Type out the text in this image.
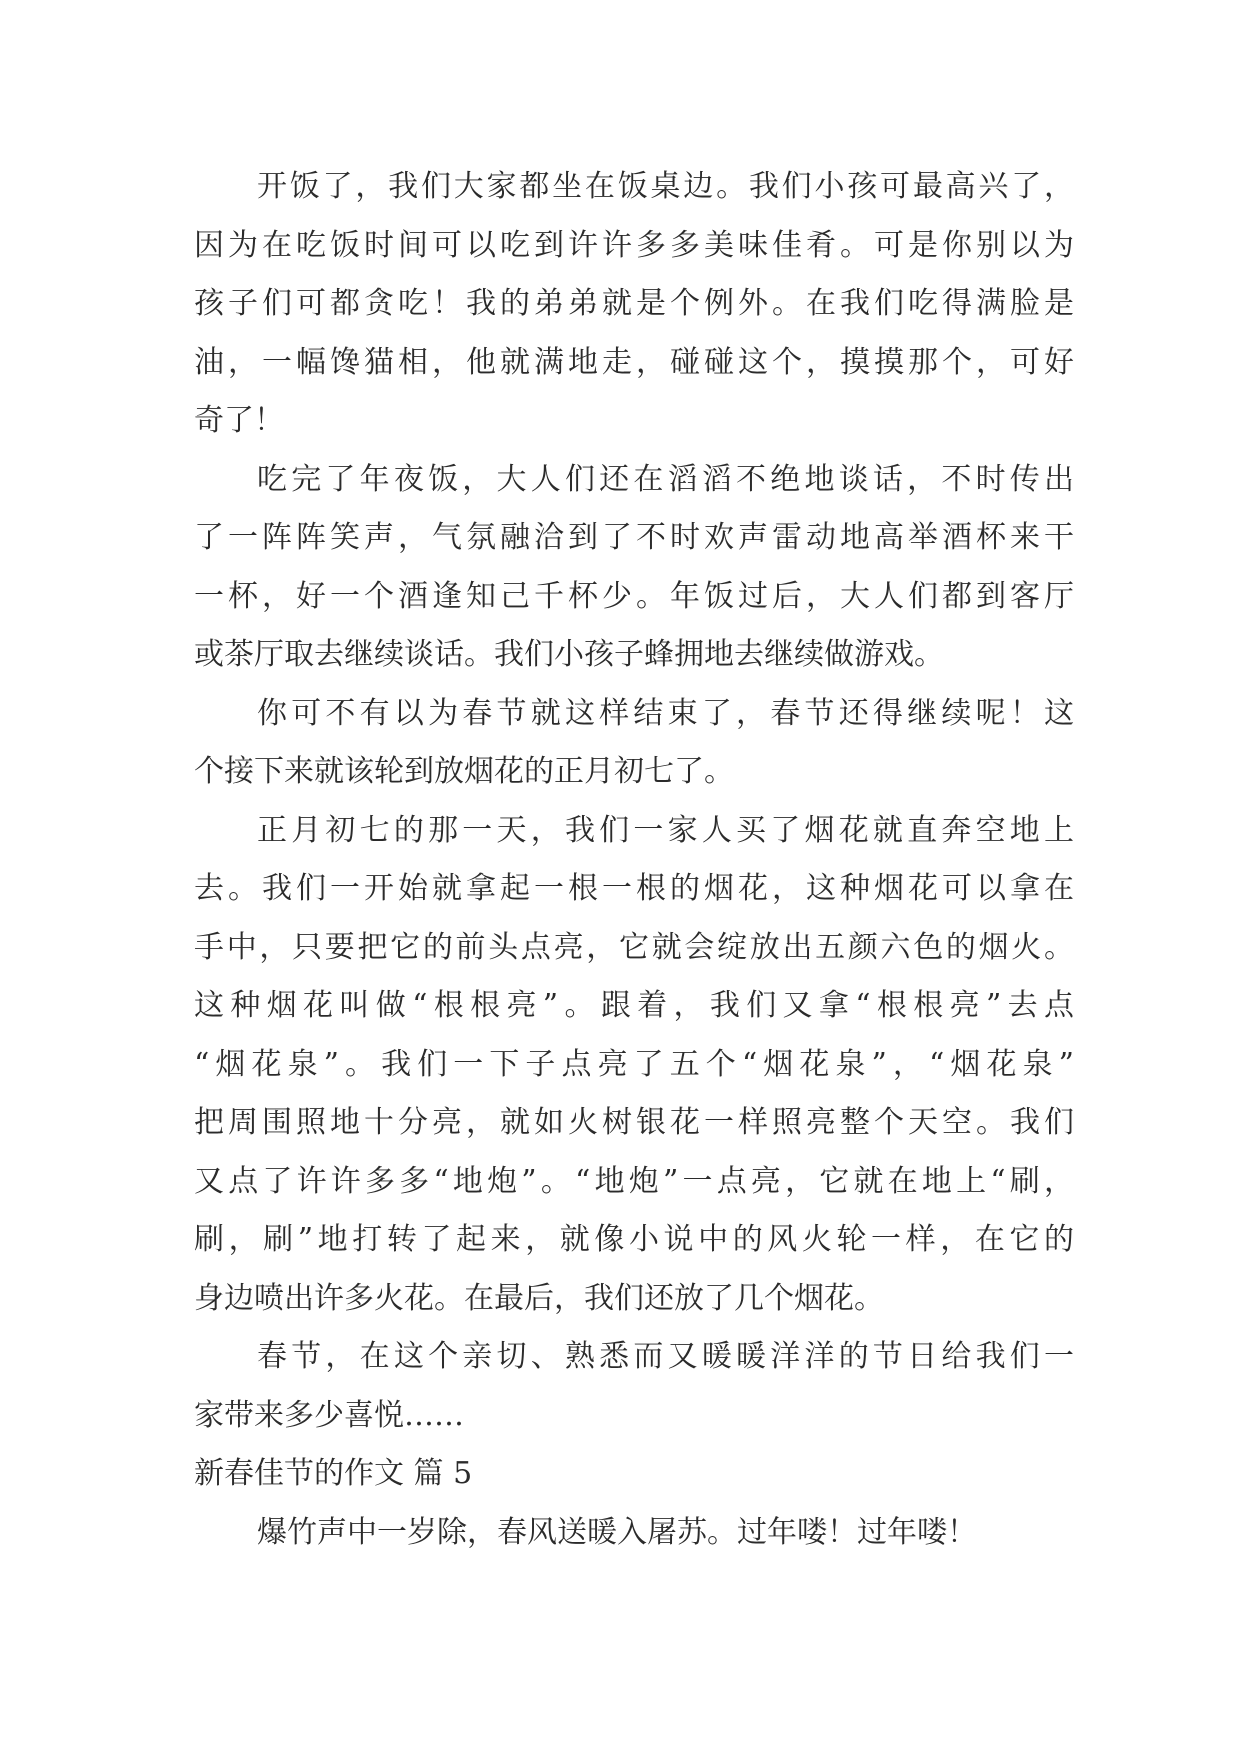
开饭了，我们大家都坐在饭桌边。我们小孩可最高兴了，
因为在吃饭时间可以吃到许许多多美味佳肴。可是你别以为
孩子们可都贪吃！我的弟弟就是个例外。在我们吃得满脸是
油，一幅馋猫相，他就满地走，碰碰这个，摸摸那个，可好
奇了！
吃完了年夜饭，大人们还在滔滔不绝地谈话，不时传出
了一阵阵笑声，气氛融洽到了不时欢声雷动地高举酒杯来干
一杯，好一个酒逢知己千杯少。年饭过后，大人们都到客厅
或茶厅取去继续谈话。我们小孩子蜂拥地去继续做游戏。
你可不有以为春节就这样结束了，春节还得继续呢！这
个接下来就该轮到放烟花的正月初七了。
正月初七的那一天，我们一家人买了烟花就直奔空地上
去。我们一开始就拿起一根一根的烟花，这种烟花可以拿在
手中，只要把它的前头点亮，它就会绽放出五颜六色的烟火。
这种烟花叫做“根根亮”。跟着，我们又拿“根根亮”去点
“烟花泉”。我们一下子点亮了五个“烟花泉”，“烟花泉”
把周围照地十分亮，就如火树银花一样照亮整个天空。我们
又点了许许多多“地炮”。“地炮”一点亮，它就在地上“刷，
刷，刷”地打转了起来，就像小说中的风火轮一样，在它的
身边喷出许多火花。在最后，我们还放了几个烟花。
春节，在这个亲切、熟悉而又暖暖洋洋的节日给我们一
家带来多少喜悦……
新春佳节的作文 篇 5
爆竹声中一岁除，春风送暖入屠苏。过年喽！过年喽！
